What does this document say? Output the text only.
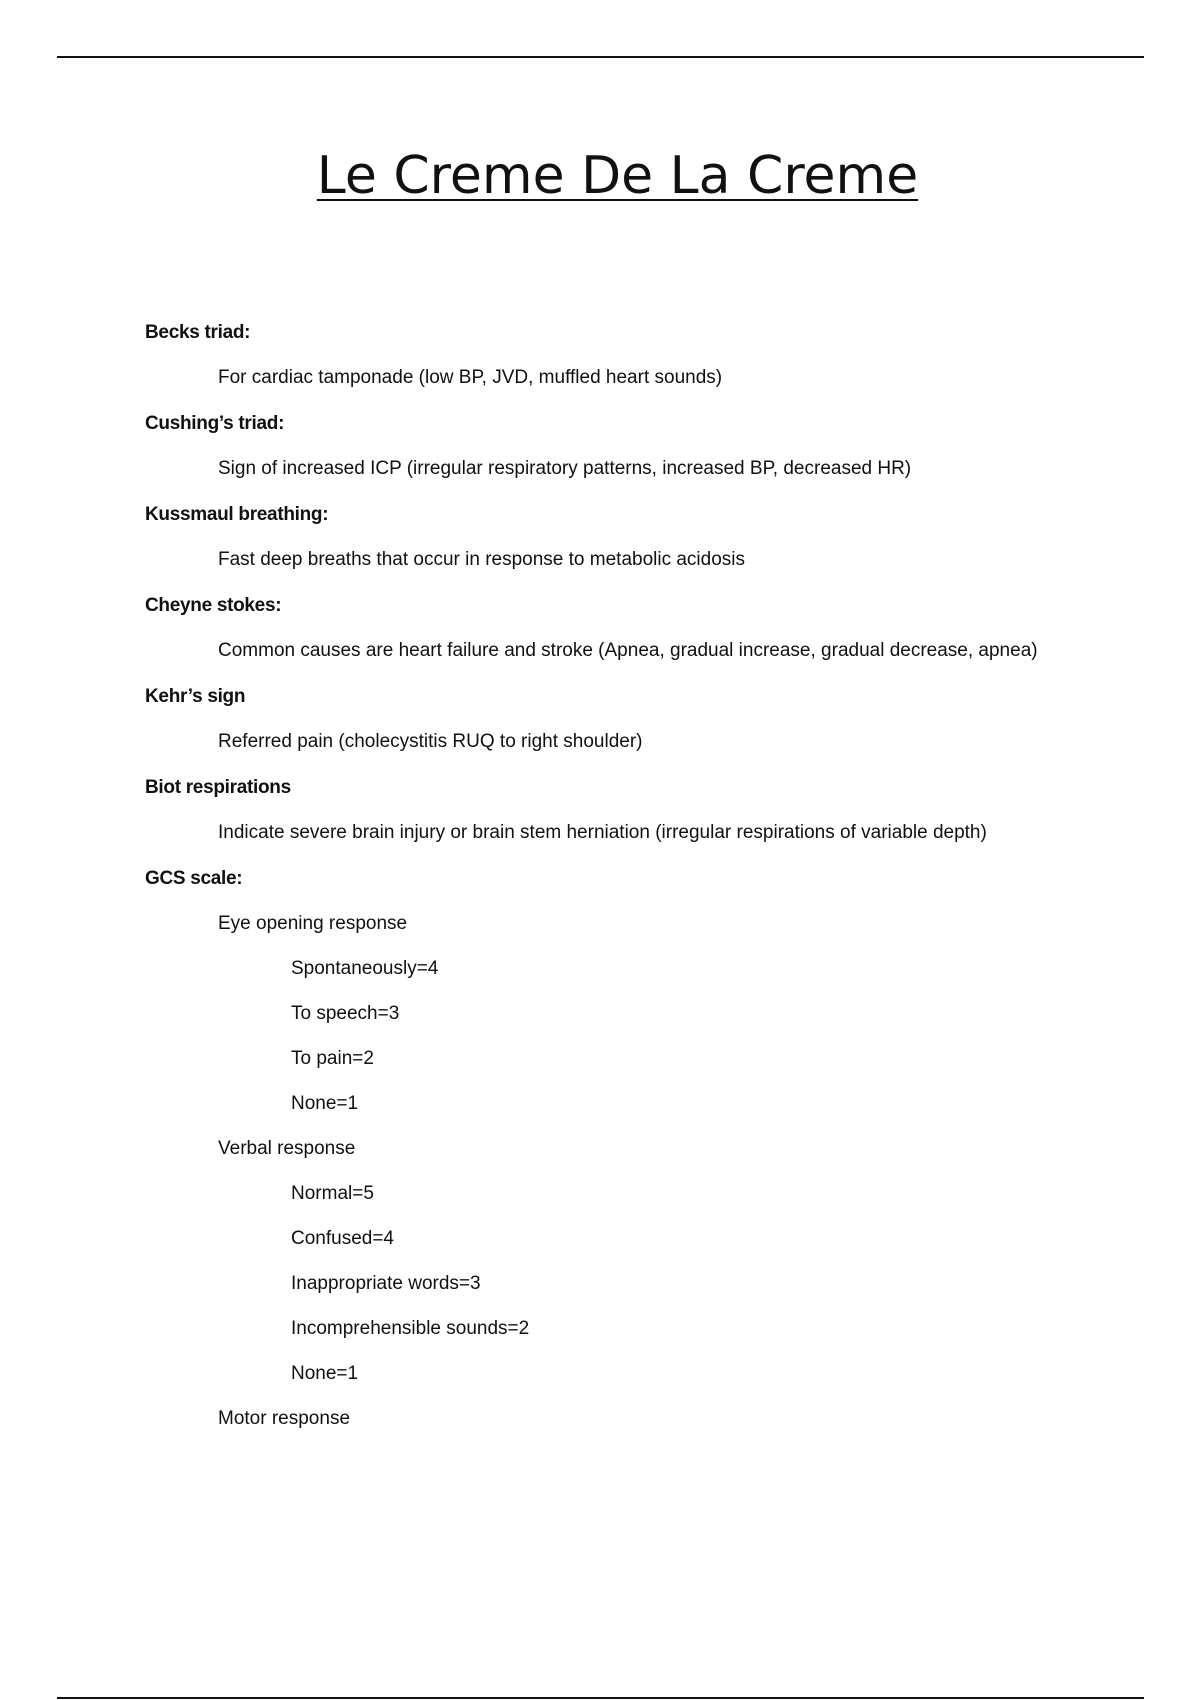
Le Creme De La Creme
Becks triad:
For cardiac tamponade (low BP, JVD, muffled heart sounds)
Cushing’s triad:
Sign of increased ICP (irregular respiratory patterns, increased BP, decreased HR)
Kussmaul breathing:
Fast deep breaths that occur in response to metabolic acidosis
Cheyne stokes:
Common causes are heart failure and stroke (Apnea, gradual increase, gradual decrease, apnea)
Kehr’s sign
Referred pain (cholecystitis RUQ to right shoulder)
Biot respirations
Indicate severe brain injury or brain stem herniation (irregular respirations of variable depth)
GCS scale:
Eye opening response
Spontaneously=4
To speech=3
To pain=2
None=1
Verbal response
Normal=5
Confused=4
Inappropriate words=3
Incomprehensible sounds=2
None=1
Motor response
